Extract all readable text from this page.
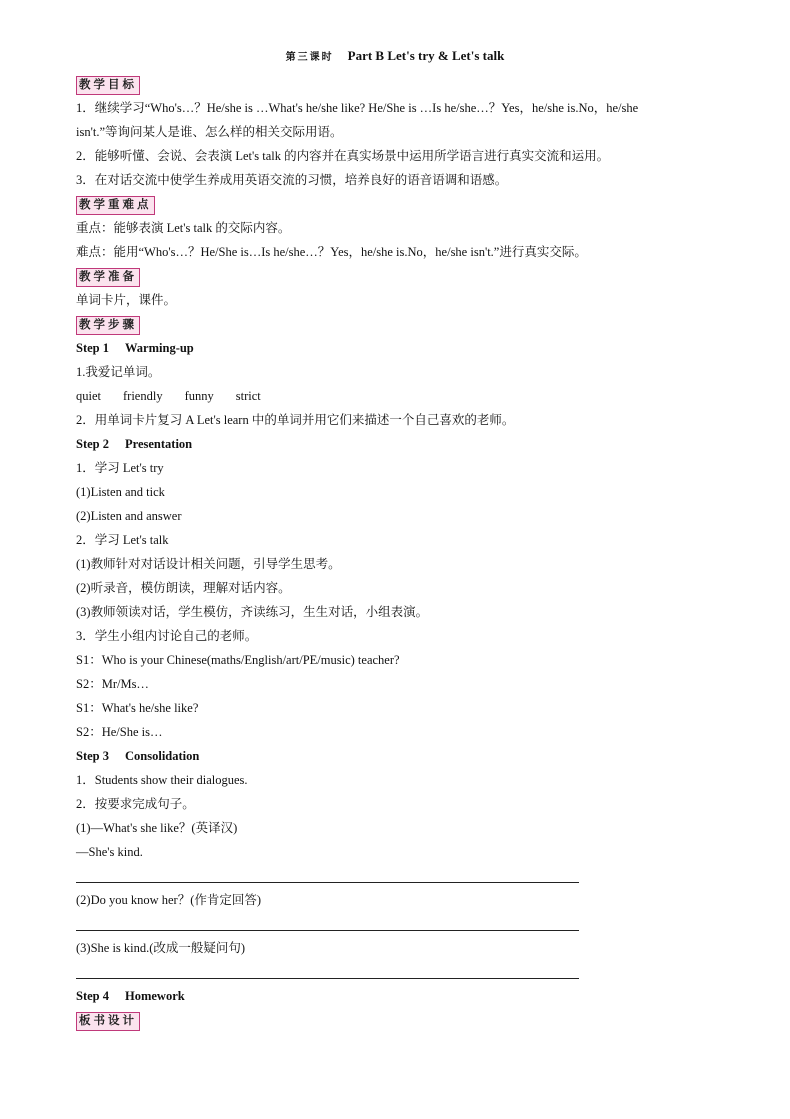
第三课时 Part B Let's try & Let's talk
教学目标
1．继续学习“Who's…？He/she is …What's he/she like? He/She is …Is he/she…？Yes，he/she is.No，he/she
isn't.”等询问某人是谁、怎么样的相关交际用语。
2．能够听懂、会说、会表演 Let's talk 的内容并在真实场景中运用所学语言进行真实交流和运用。
3．在对话交流中使学生养成用英语交流的习惯，培养良好的语音语调和语感。
教学重难点
重点：能够表演 Let's talk 的交际内容。
难点：能用“Who's…？He/She is…Is he/she…？Yes，he/she is.No，he/she isn't.”进行真实交际。
教学准备
单词卡片，课件。
教学步骤
Step 1 Warming-up
1.我爱记单词。
quiet friendly funny strict
2．用单词卡片复习 A Let's learn 中的单词并用它们来描述一个自己喜欢的老师。
Step 2 Presentation
1．学习 Let's try
(1)Listen and tick
(2)Listen and answer
2．学习 Let's talk
(1)教师针对对话设计相关问题，引导学生思考。
(2)听录音，模仿朗读，理解对话内容。
(3)教师领读对话，学生模仿，齐读练习，生生对话，小组表演。
3．学生小组内讨论自己的老师。
S1：Who is your Chinese(maths/English/art/PE/music) teacher?
S2：Mr/Ms…
S1：What's he/she like?
S2：He/She is…
Step 3 Consolidation
1．Students show their dialogues.
2．按要求完成句子。
(1)—What's she like？(英译汉)
—She's kind.
(2)Do you know her？(作肯定回答)
(3)She is kind.(改成一般疑问句)
Step 4 Homework
板书设计
